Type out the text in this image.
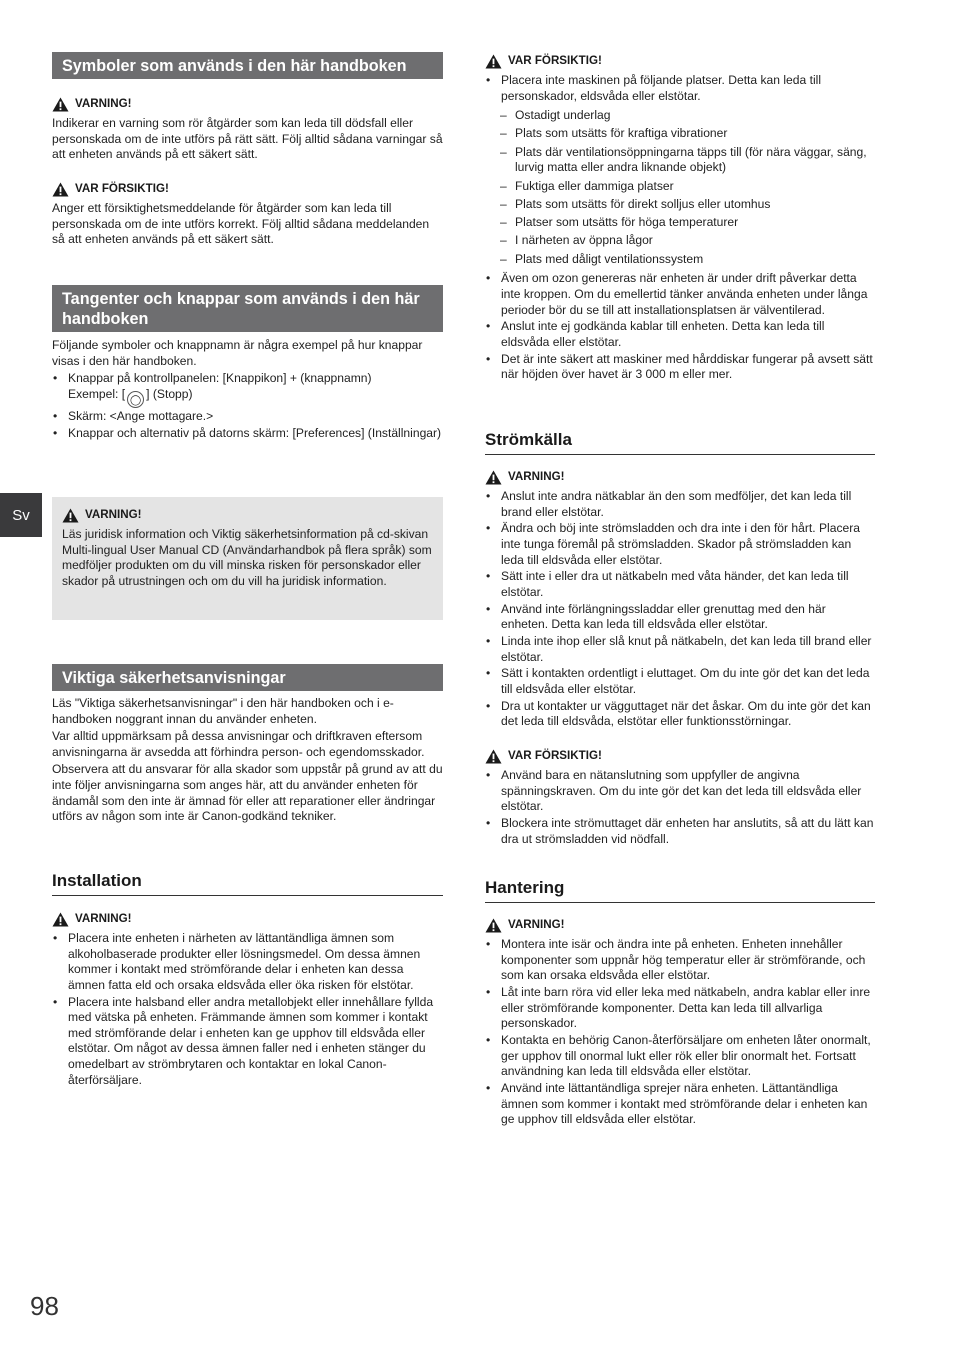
Sv
Symboler som används i den här handboken
VARNING!

Indikerar en varning som rör åtgärder som kan leda till dödsfall eller personskada om de inte utförs på rätt sätt. Följ alltid sådana varningar så att enheten används på ett säkert sätt.

VAR FÖRSIKTIG!

Anger ett försiktighetsmeddelande för åtgärder som kan leda till personskada om de inte utförs korrekt. Följ alltid sådana meddelanden så att enheten används på ett säkert sätt.

Tangenter och knappar som används i den här handboken

Följande symboler och knappnamn är några exempel på hur knappar visas i den här handboken.

• Knappar på kontrollpanelen: [Knappikon] + (knappnamn)
Exempel: [ ◯ ] (Stopp)
• Skärm: <Ange mottagare.>
• Knappar och alternativ på datorns skärm: [Preferences] (Inställningar)
VARNING!

Läs juridisk information och Viktig säkerhetsinformation på cd-skivan Multi-lingual User Manual CD (Användarhandbok på flera språk) som medföljer produkten om du vill minska risken för personskador eller skador på utrustningen och om du vill ha juridisk information.

Viktiga säkerhetsanvisningar

Läs "Viktiga säkerhetsanvisningar" i den här handboken och i e-handboken noggrant innan du använder enheten.

Var alltid uppmärksam på dessa anvisningar och driftkraven eftersom anvisningarna är avsedda att förhindra person- och egendomsskador.

Observera att du ansvarar för alla skador som uppstår på grund av att du inte följer anvisningarna som anges här, att du använder enheten för ändamål som den inte är ämnad för eller att reparationer eller ändringar utförs av någon som inte är Canon-godkänd tekniker.

Installation
VARNING!
• Placera inte enheten i närheten av lättantändliga ämnen som alkoholbaserade produkter eller lösningsmedel. Om dessa ämnen kommer i kontakt med strömförande delar i enheten kan dessa ämnen fatta eld och orsaka eldsvåda eller öka risken för elstötar.
• Placera inte halsband eller andra metallobjekt eller innehållare fyllda med vätska på enheten. Främmande ämnen som kommer i kontakt med strömförande delar i enheten kan ge upphov till eldsvåda eller elstötar. Om något av dessa ämnen faller ned i enheten stänger du omedelbart av strömbrytaren och kontaktar en lokal Canon-återförsäljare.
VAR FÖRSIKTIG!
• Placera inte maskinen på följande platser. Detta kan leda till personskador, eldsvåda eller elstötar.
– Ostadigt underlag
– Plats som utsätts för kraftiga vibrationer
– Plats där ventilationsöppningarna täpps till (för nära väggar, säng, lurvig matta eller andra liknande objekt)
– Fuktiga eller dammiga platser
– Plats som utsätts för direkt solljus eller utomhus
– Platser som utsätts för höga temperaturer
– I närheten av öppna lågor
– Plats med dåligt ventilationssystem
• Även om ozon genereras när enheten är under drift påverkar detta inte kroppen. Om du emellertid tänker använda enheten under långa perioder bör du se till att installationsplatsen är välventilerad.
• Anslut inte ej godkända kablar till enheten. Detta kan leda till eldsvåda eller elstötar.
• Det är inte säkert att maskiner med hårddiskar fungerar på avsett sätt när höjden över havet är 3 000 m eller mer.
Strömkälla
VARNING!
• Anslut inte andra nätkablar än den som medföljer, det kan leda till brand eller elstötar.
• Ändra och böj inte strömsladden och dra inte i den för hårt. Placera inte tunga föremål på strömsladden. Skador på strömsladden kan leda till eldsvåda eller elstötar.
• Sätt inte i eller dra ut nätkabeln med våta händer, det kan leda till elstötar.
• Använd inte förlängningssladdar eller grenuttag med den här enheten. Detta kan leda till eldsvåda eller elstötar.
• Linda inte ihop eller slå knut på nätkabeln, det kan leda till brand eller elstötar.
• Sätt i kontakten ordentligt i eluttaget. Om du inte gör det kan det leda till eldsvåda eller elstötar.
• Dra ut kontakter ur vägguttaget när det åskar. Om du inte gör det kan det leda till eldsvåda, elstötar eller funktionsstörningar.
VAR FÖRSIKTIG!
• Använd bara en nätanslutning som uppfyller de angivna spänningskraven. Om du inte gör det kan det leda till eldsvåda eller elstötar.
• Blockera inte strömuttaget där enheten har anslutits, så att du lätt kan dra ut strömsladden vid nödfall.
Hantering
VARNING!
• Montera inte isär och ändra inte på enheten. Enheten innehåller komponenter som uppnår hög temperatur eller är strömförande, och som kan orsaka eldsvåda eller elstötar.
• Låt inte barn röra vid eller leka med nätkabeln, andra kablar eller inre eller strömförande komponenter. Detta kan leda till allvarliga personskador.
• Kontakta en behörig Canon-återförsäljare om enheten låter onormalt, ger upphov till onormal lukt eller rök eller blir onormalt het. Fortsatt användning kan leda till eldsvåda eller elstötar.
• Använd inte lättantändliga sprejer nära enheten. Lättantändliga ämnen som kommer i kontakt med strömförande delar i enheten kan ge upphov till eldsvåda eller elstötar.
98
